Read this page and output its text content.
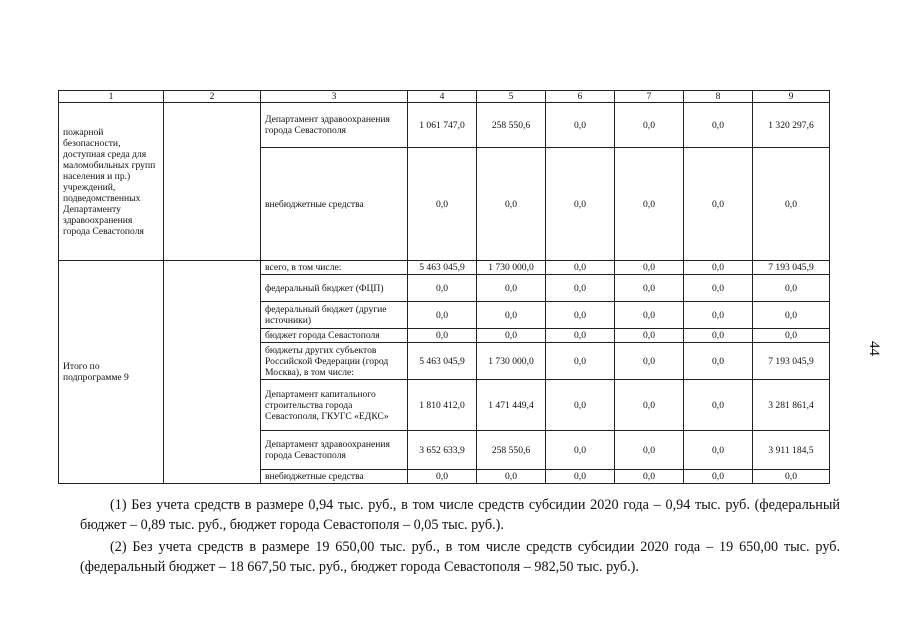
1	2	3	4	5	6	7	8	9
пожарной безопасности, доступная среда для маломобильных групп населения и пр.) учреждений, подведомственных Департаменту здравоохранения города Севастополя		Департамент здравоохранения города Севастополя	1 061 747,0	258 550,6	0,0	0,0	0,0	1 320 297,6
		внебюджетные средства	0,0	0,0	0,0	0,0	0,0	0,0
Итого по подпрограмме 9		всего, в том числе:	5 463 045,9	1 730 000,0	0,0	0,0	0,0	7 193 045,9
		федеральный бюджет (ФЦП)	0,0	0,0	0,0	0,0	0,0	0,0
		федеральный бюджет (другие источники)	0,0	0,0	0,0	0,0	0,0	0,0
		бюджет города Севастополя	0,0	0,0	0,0	0,0	0,0	0,0
		бюджеты других субъектов Российской Федерации (город Москва), в том числе:	5 463 045,9	1 730 000,0	0,0	0,0	0,0	7 193 045,9
		Департамент капитального строительства города Севастополя, ГКУГС «ЕДКС»	1 810 412,0	1 471 449,4	0,0	0,0	0,0	3 281 861,4
		Департамент здравоохранения города Севастополя	3 652 633,9	258 550,6	0,0	0,0	0,0	3 911 184,5
		внебюджетные средства	0,0	0,0	0,0	0,0	0,0	0,0
44

(1) Без учета средств в размере 0,94 тыс. руб., в том числе средств субсидии 2020 года – 0,94 тыс. руб. (федеральный бюджет – 0,89 тыс. руб., бюджет города Севастополя – 0,05 тыс. руб.).

(2) Без учета средств в размере 19 650,00 тыс. руб., в том числе средств субсидии 2020 года – 19 650,00 тыс. руб. (федеральный бюджет – 18 667,50 тыс. руб., бюджет города Севастополя – 982,50 тыс. руб.).
